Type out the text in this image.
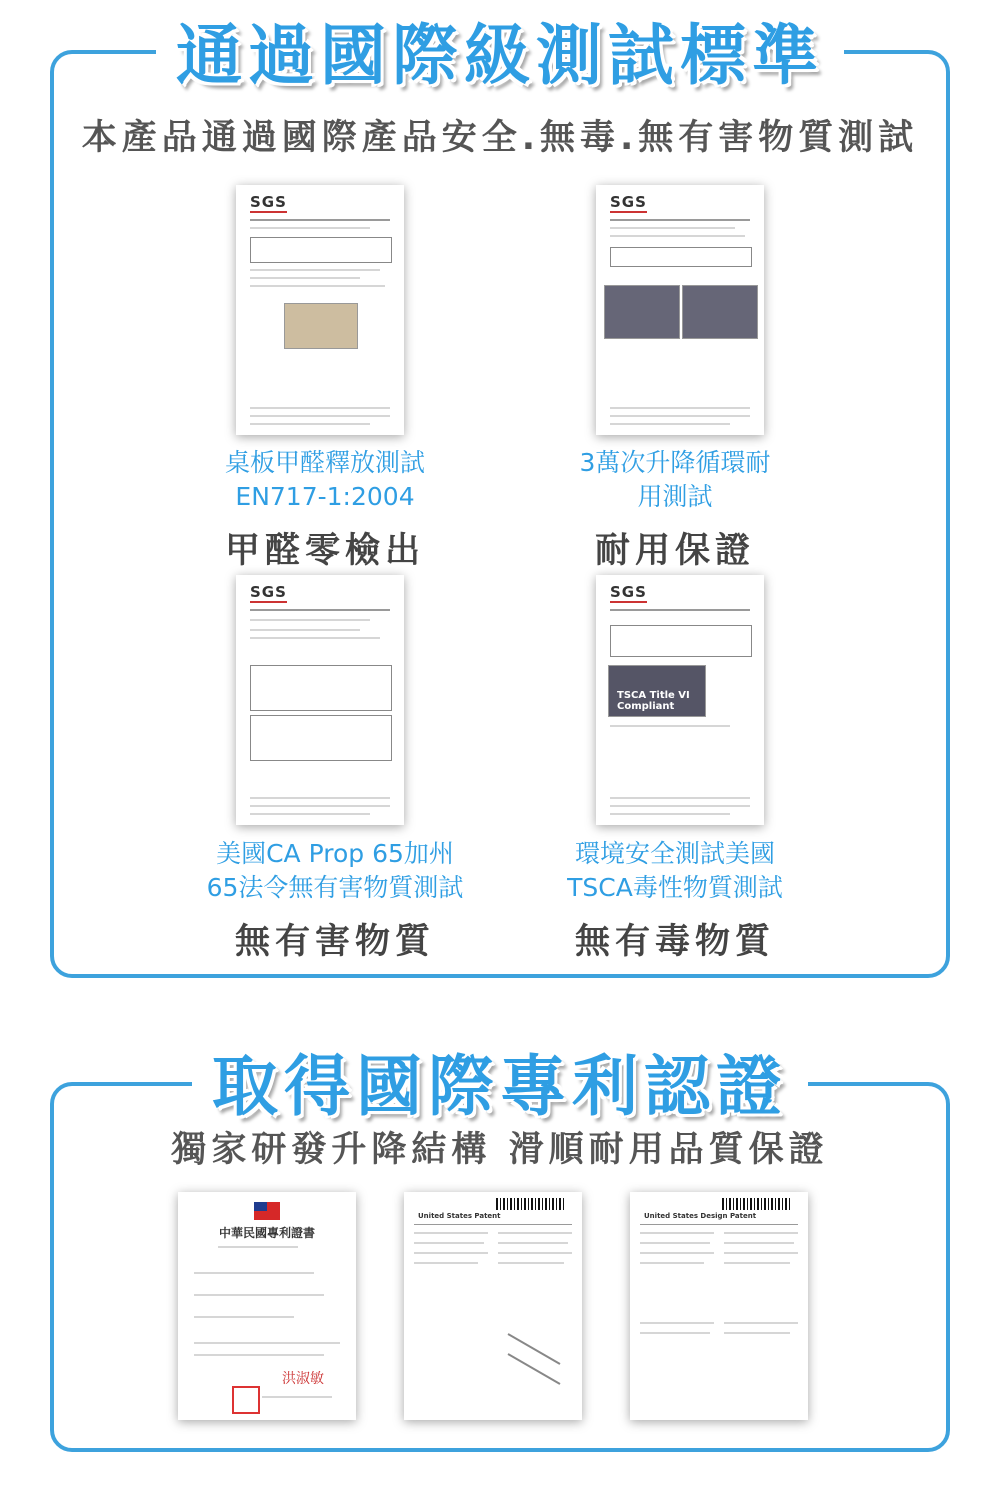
通過國際級測試標準
本產品通過國際產品安全.無毒.無有害物質測試
SGS	SGS
桌板甲醛釋放測試
EN717-1:2004
甲醛零檢出
3萬次升降循環耐
用測試
耐用保證
SGS	SGS
TSCA Title VI Compliant
美國CA Prop 65加州
65法令無有害物質測試
無有害物質
環境安全測試美國
TSCA毒性物質測試
無有毒物質
取得國際專利認證
獨家研發升降結構 滑順耐用品質保證
中華民國專利證書
洪淑敏
United States Patent	United States Design Patent
